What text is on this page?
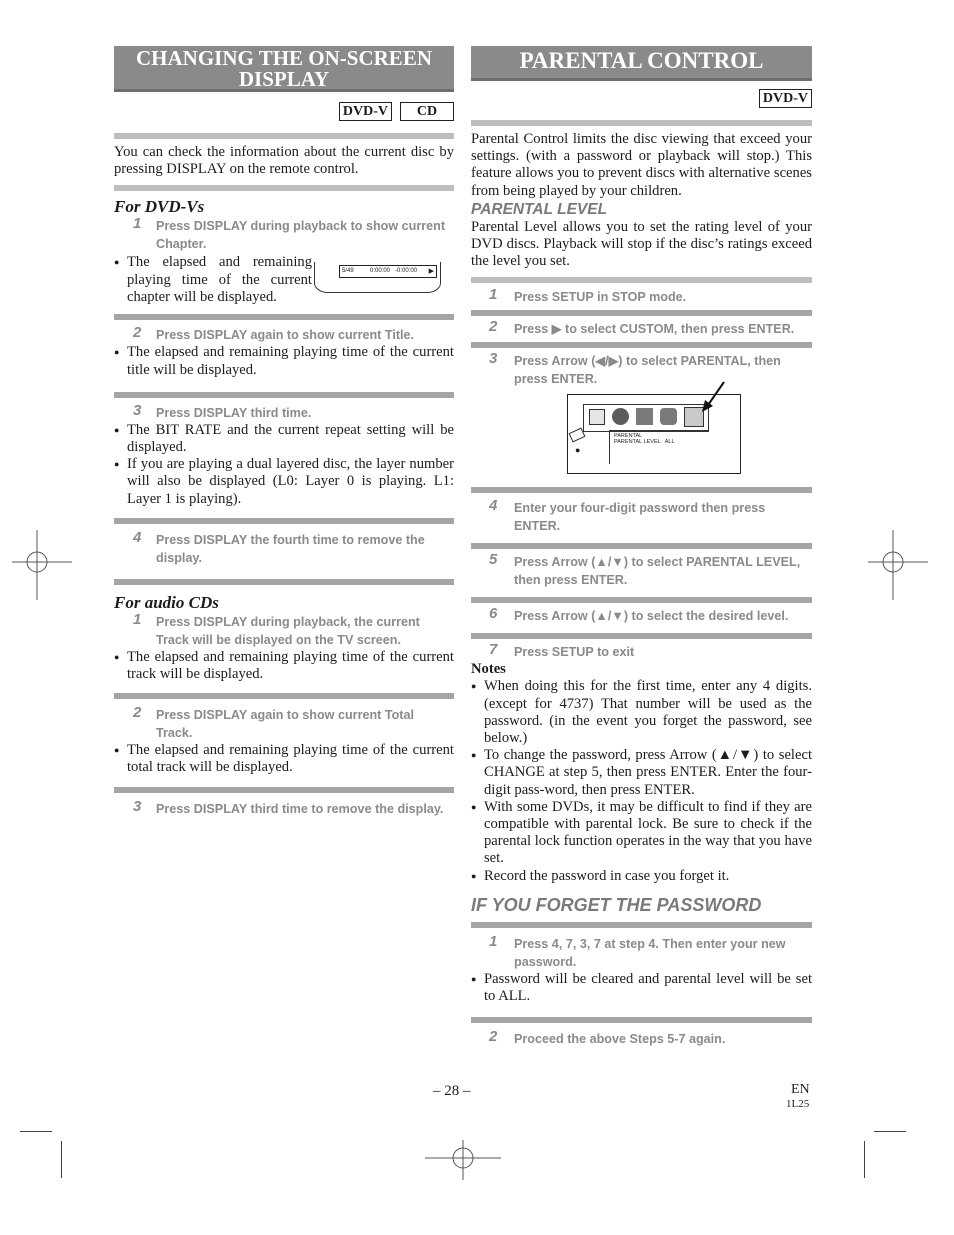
CHANGING THE ON-SCREEN
DISPLAY
DVD-V CD

You can check the information about the current disc by pressing DISPLAY on the remote control.

For DVD-Vs
1 Press DISPLAY during playback to show current Chapter.
● The elapsed and remaining playing time of the current chapter will be displayed.
5/49	0:00:00 -0:00:00 ▶
2 Press DISPLAY again to show current Title.
● The elapsed and remaining playing time of the current title will be displayed.
3 Press DISPLAY third time.
● The BIT RATE and the current repeat setting will be displayed.
● If you are playing a dual layered disc, the layer number will also be displayed (L0: Layer 0 is playing. L1: Layer 1 is playing).
4 Press DISPLAY the fourth time to remove the display.
For audio CDs
1 Press DISPLAY during playback, the current Track will be displayed on the TV screen.
● The elapsed and remaining playing time of the current track will be displayed.
2 Press DISPLAY again to show current Total Track.
● The elapsed and remaining playing time of the current total track will be displayed.
3 Press DISPLAY third time to remove the display.
PARENTAL CONTROL
DVD-V

Parental Control limits the disc viewing that exceed your settings. (with a password or playback will stop.) This feature allows you to prevent discs with alternative scenes from being played by your children.

PARENTAL LEVEL

Parental Level allows you to set the rating level of your DVD discs. Playback will stop if the disc’s ratings exceed the level you set.

1 Press SETUP in STOP mode.
2 Press ▶ to select CUSTOM, then press ENTER.
3 Press Arrow (◀/▶) to select PARENTAL, then press ENTER.
●
PARENTAL
PARENTAL LEVEL ALL
4 Enter your four-digit password then press ENTER.
5 Press Arrow (▲/▼) to select PARENTAL LEVEL, then press ENTER.
6 Press Arrow (▲/▼) to select the desired level.
7 Press SETUP to exit
Notes
● When doing this for the first time, enter any 4 digits. (except for 4737) That number will be used as the password. (in the event you forget the password, see below.)
● To change the password, press Arrow (▲/▼) to select CHANGE at step 5, then press ENTER. Enter the four-digit pass-word, then press ENTER.
● With some DVDs, it may be difficult to find if they are compatible with parental lock. Be sure to check if the parental lock function operates in the way that you have set.
● Record the password in case you forget it.
IF YOU FORGET THE PASSWORD
1 Press 4, 7, 3, 7 at step 4. Then enter your new password.
● Password will be cleared and parental level will be set to ALL.
2 Proceed the above Steps 5-7 again.
– 28 –	EN
1L25
